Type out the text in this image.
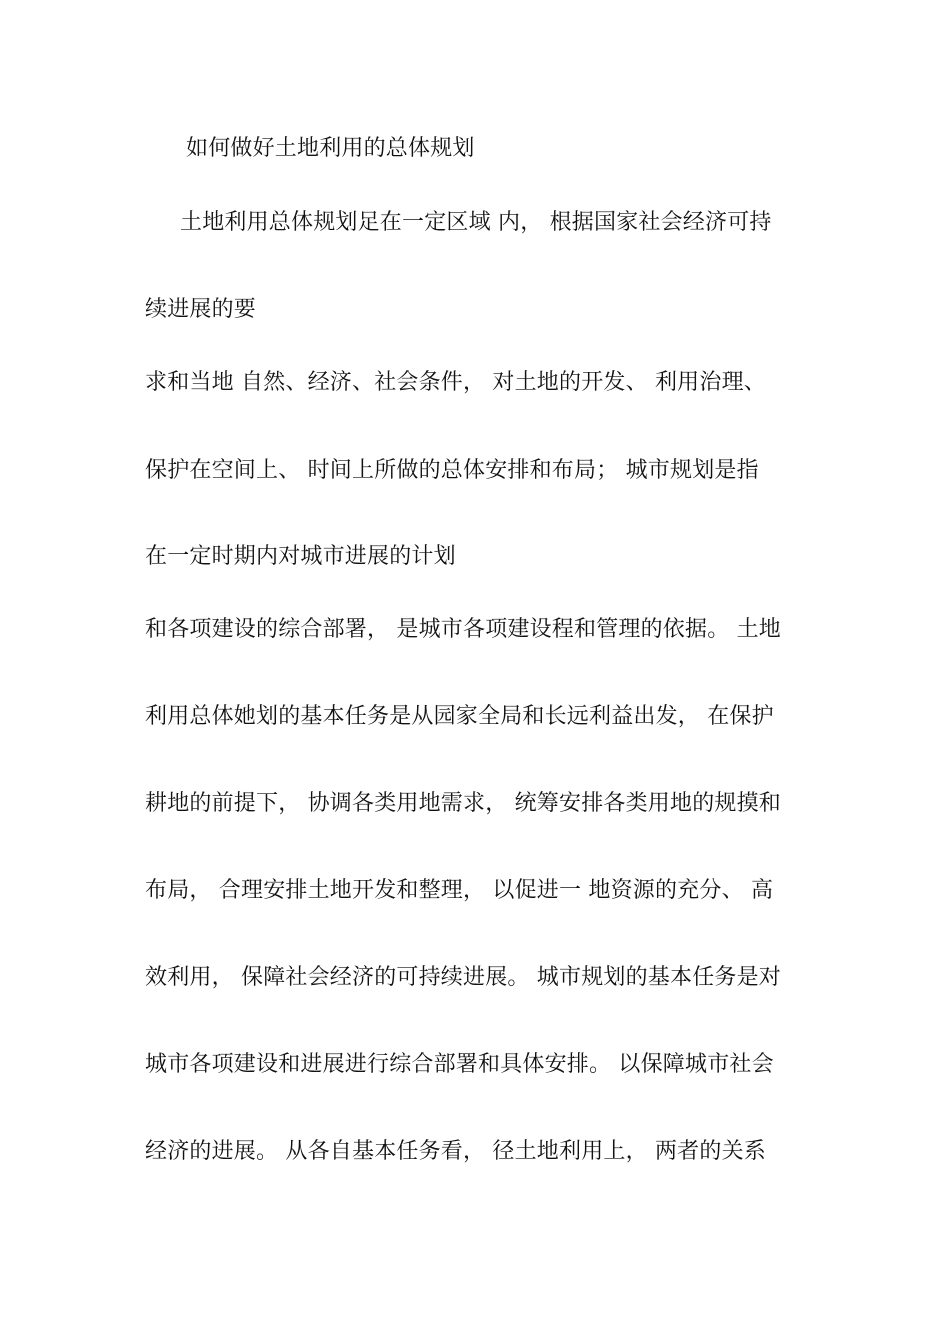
如何做好土地利用的总体规划
土地利用总体规划足在一定区域 内， 根据国家社会经济可持
续进展的要
求和当地 自然、经济、社会条件， 对土地的开发、 利用治理、
保护在空间上、 时间上所做的总体安排和布局； 城市规划是指
在一定时期内对城市进展的计划
和各项建设的综合部署， 是城市各项建设程和管理的依据。 土地
利用总体她划的基本任务是从园家全局和长远利益出发， 在保护
耕地的前提下， 协调各类用地需求， 统筹安排各类用地的规摸和
布局， 合理安排土地开发和整理， 以促进一 地资源的充分、 高
效利用， 保障社会经济的可持续进展。 城市规划的基本任务是对
城市各项建设和进展进行综合部署和具体安排。 以保障城市社会
经济的进展。 从各自基本任务看， 径土地利用上， 两者的关系
